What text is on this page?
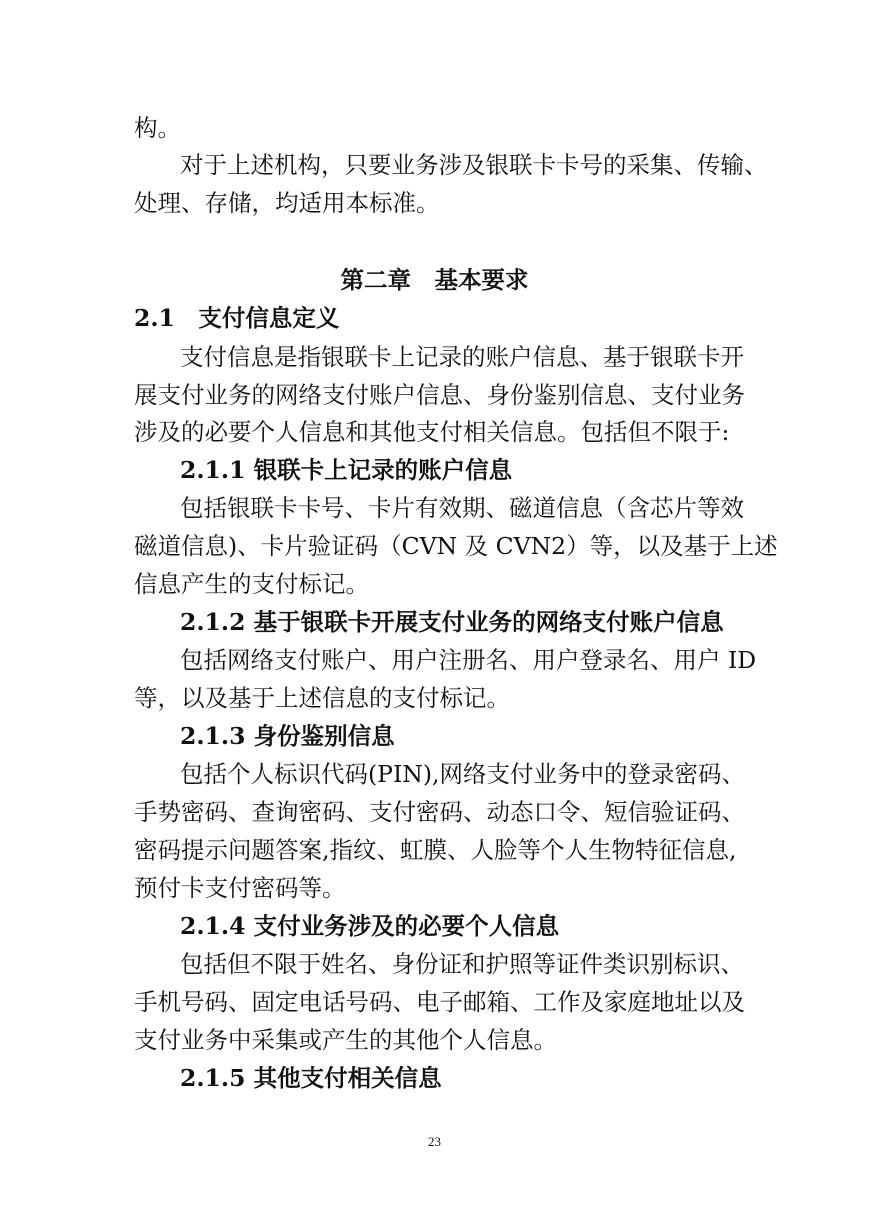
构。
对于上述机构，只要业务涉及银联卡卡号的采集、传输、
处理、存储，均适用本标准。
第二章　基本要求
2.1　支付信息定义
支付信息是指银联卡上记录的账户信息、基于银联卡开
展支付业务的网络支付账户信息、身份鉴别信息、支付业务
涉及的必要个人信息和其他支付相关信息。包括但不限于:
2.1.1 银联卡上记录的账户信息
包括银联卡卡号、卡片有效期、磁道信息（含芯片等效
磁道信息)、卡片验证码（CVN 及 CVN2）等，以及基于上述
信息产生的支付标记。
2.1.2 基于银联卡开展支付业务的网络支付账户信息
包括网络支付账户、用户注册名、用户登录名、用户 ID
等，以及基于上述信息的支付标记。
2.1.3 身份鉴别信息
包括个人标识代码(PIN),网络支付业务中的登录密码、
手势密码、查询密码、支付密码、动态口令、短信验证码、
密码提示问题答案,指纹、虹膜、人脸等个人生物特征信息,
预付卡支付密码等。
2.1.4 支付业务涉及的必要个人信息
包括但不限于姓名、身份证和护照等证件类识别标识、
手机号码、固定电话号码、电子邮箱、工作及家庭地址以及
支付业务中采集或产生的其他个人信息。
2.1.5 其他支付相关信息
23
